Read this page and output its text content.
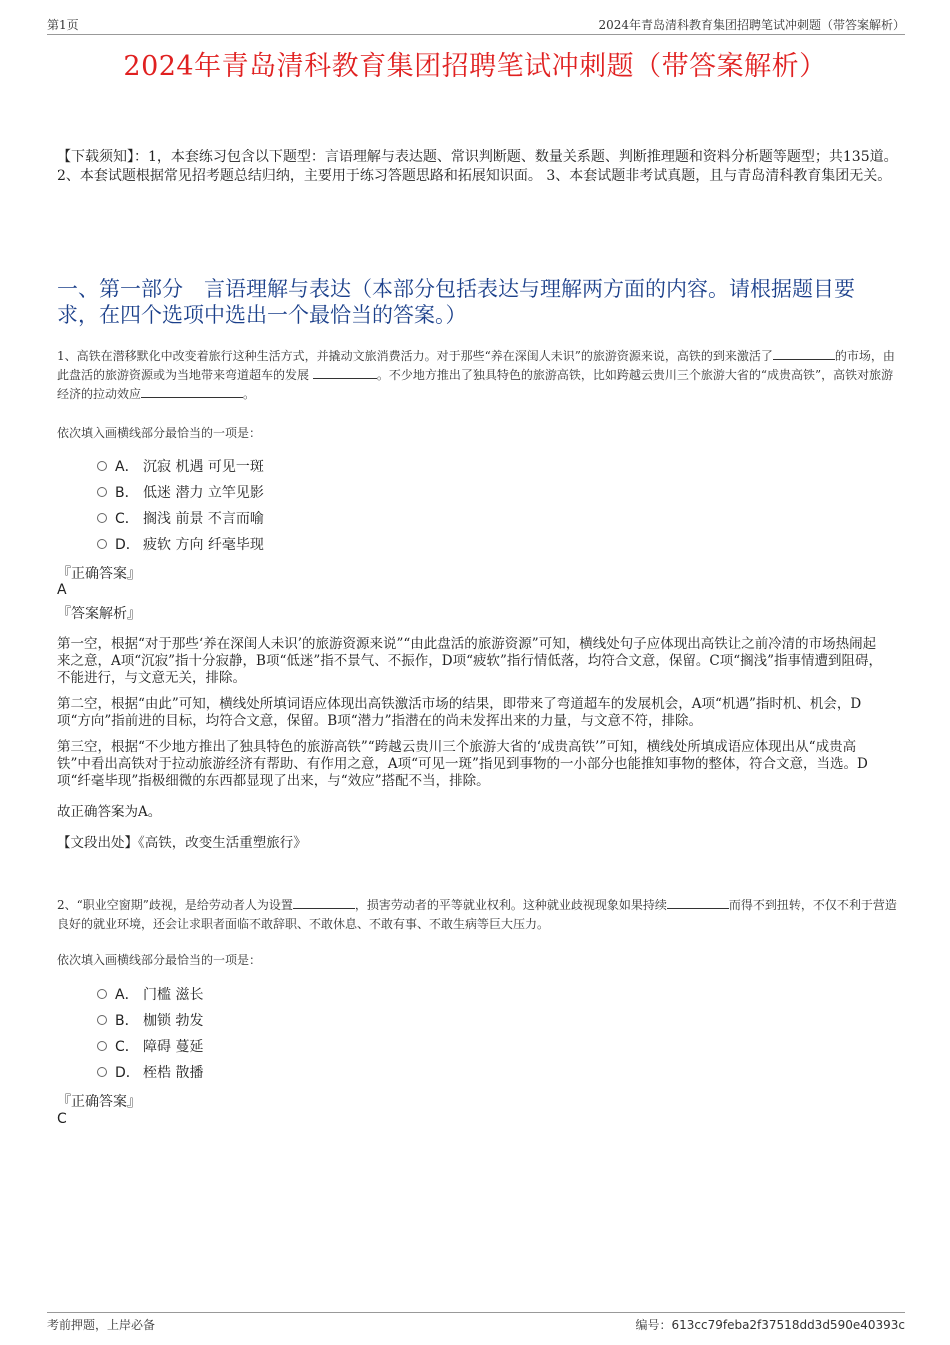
第1页	2024年青岛清科教育集团招聘笔试冲刺题（带答案解析）
2024年青岛清科教育集团招聘笔试冲刺题（带答案解析）
【下载须知】：1，本套练习包含以下题型：言语理解与表达题、常识判断题、数量关系题、判断推理题和资料分析题等题型；共135道。 2、本套试题根据常见招考题总结归纳，主要用于练习答题思路和拓展知识面。 3、本套试题非考试真题，且与青岛清科教育集团无关。
一、第一部分　言语理解与表达（本部分包括表达与理解两方面的内容。请根据题目要求，在四个选项中选出一个最恰当的答案。）
1、高铁在潜移默化中改变着旅行这种生活方式，并撬动文旅消费活力。对于那些“养在深闺人未识”的旅游资源来说，高铁的到来激活了	的市场，由此盘活的旅游资源或为当地带来弯道超车的发展	。不少地方推出了独具特色的旅游高铁，比如跨越云贵川三个旅游大省的“成贵高铁”，高铁对旅游经济的拉动效应	。
依次填入画横线部分最恰当的一项是：
A． 沉寂 机遇 可见一斑
B． 低迷 潜力 立竿见影
C． 搁浅 前景 不言而喻
D． 疲软 方向 纤毫毕现
『正确答案』
A
『答案解析』

第一空，根据“对于那些‘养在深闺人未识’的旅游资源来说”“由此盘活的旅游资源”可知，横线处句子应体现出高铁让之前冷清的市场热闹起来之意，A项“沉寂”指十分寂静，B项“低迷”指不景气、不振作，D项“疲软”指行情低落，均符合文意，保留。C项“搁浅”指事情遭到阻碍，不能进行，与文意无关，排除。

第二空，根据“由此”可知，横线处所填词语应体现出高铁激活市场的结果，即带来了弯道超车的发展机会，A项“机遇”指时机、机会，D项“方向”指前进的目标，均符合文意，保留。B项“潜力”指潜在的尚未发挥出来的力量，与文意不符，排除。

第三空，根据“不少地方推出了独具特色的旅游高铁”“跨越云贵川三个旅游大省的‘成贵高铁’”可知，横线处所填成语应体现出从“成贵高铁”中看出高铁对于拉动旅游经济有帮助、有作用之意，A项“可见一斑”指见到事物的一小部分也能推知事物的整体，符合文意，当选。D项“纤毫毕现”指极细微的东西都显现了出来，与“效应”搭配不当，排除。

故正确答案为A。

【文段出处】《高铁，改变生活重塑旅行》

2、“职业空窗期”歧视，是给劳动者人为设置	，损害劳动者的平等就业权利。这种就业歧视现象如果持续	而得不到扭转，不仅不利于营造良好的就业环境，还会让求职者面临不敢辞职、不敢休息、不敢有事、不敢生病等巨大压力。
依次填入画横线部分最恰当的一项是：
A． 门槛 滋长
B． 枷锁 勃发
C． 障碍 蔓延
D． 桎梏 散播
『正确答案』
C
考前押题，上岸必备	编号：613cc79feba2f37518dd3d590e40393c
